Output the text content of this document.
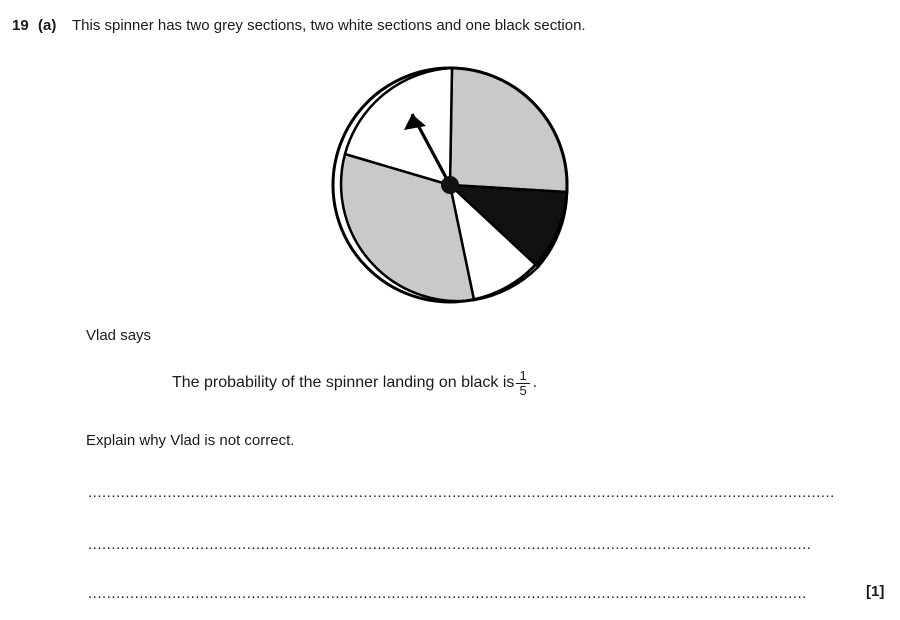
19 (a)	This spinner has two grey sections, two white sections and one black section.
Vlad says
The probability of the spinner landing on black is $\frac{1}{5}$ .
Explain why Vlad is not correct.
................................................................................................................................................................
...........................................................................................................................................................
..........................................................................................................................................................	[1]
